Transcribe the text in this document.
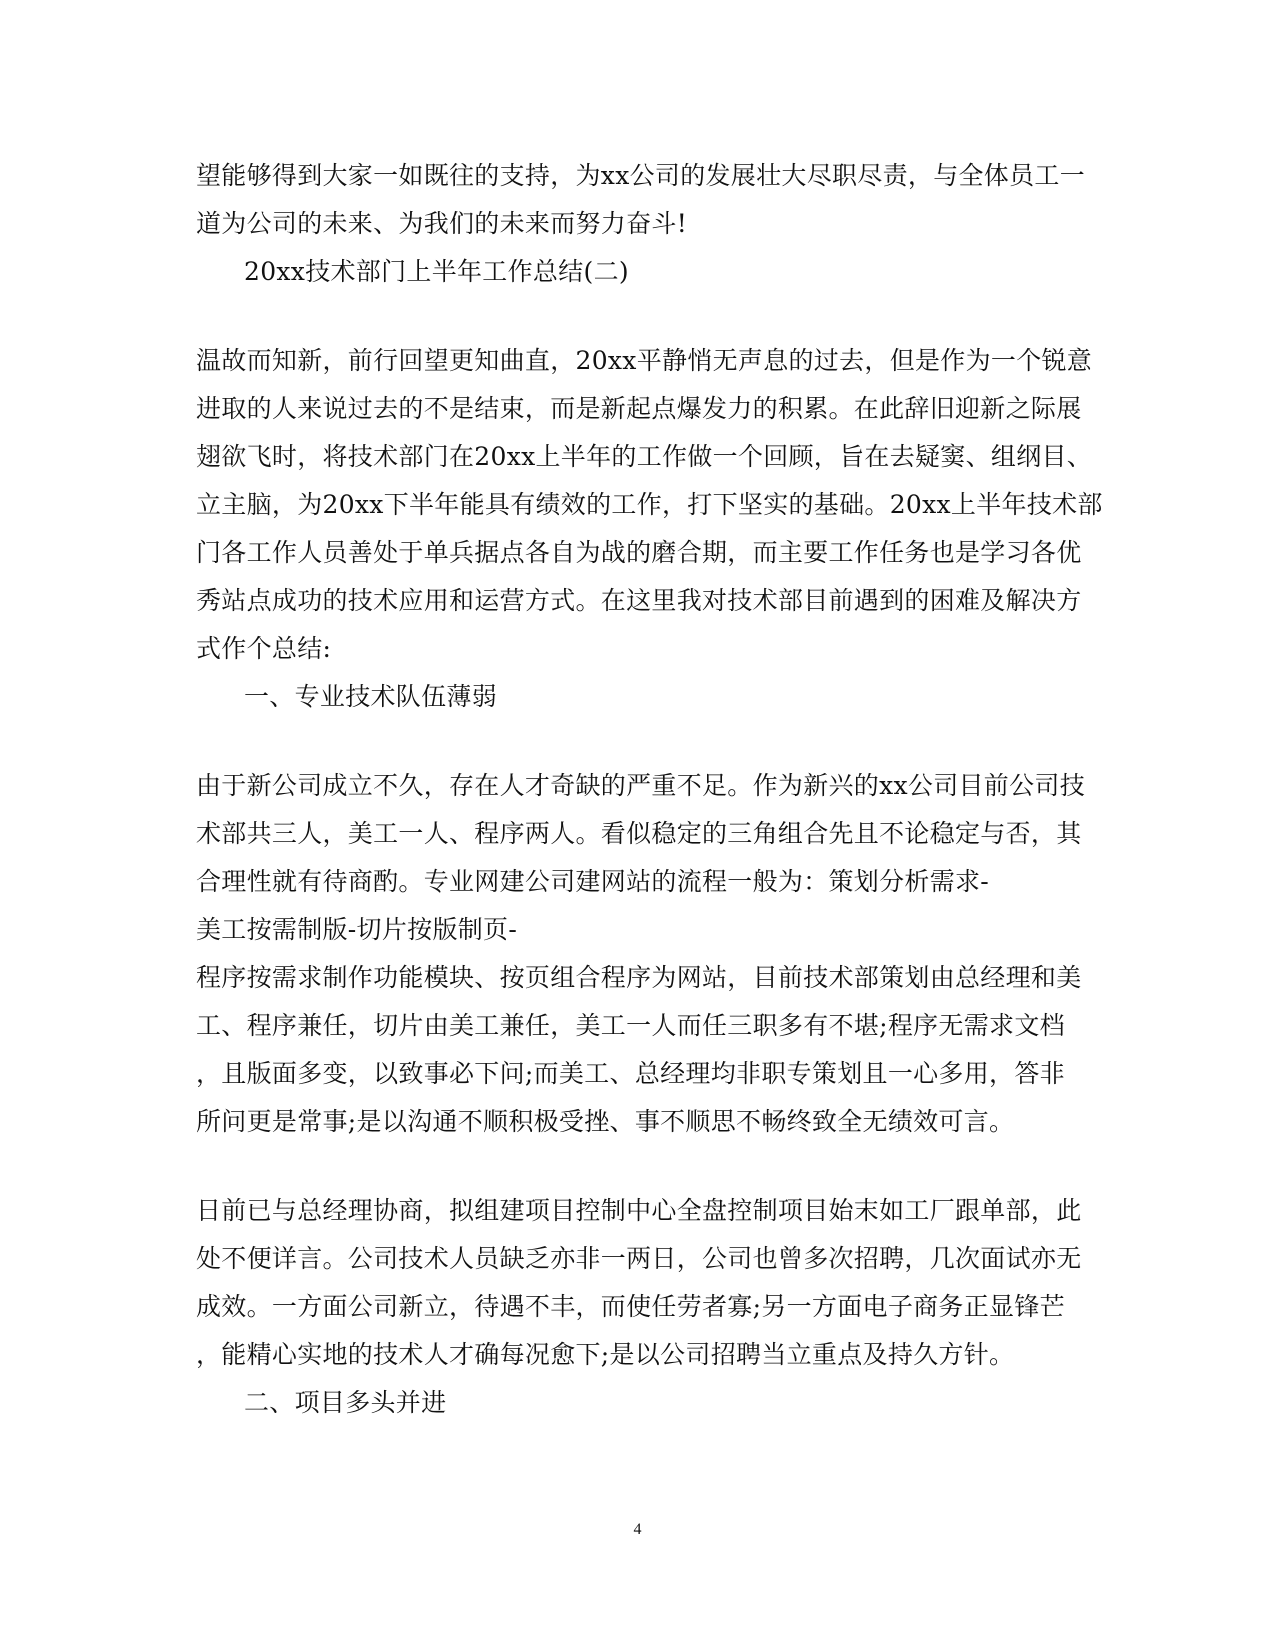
望能够得到大家一如既往的支持，为xx公司的发展壮大尽职尽责，与全体员工一
道为公司的未来、为我们的未来而努力奋斗!
20xx技术部门上半年工作总结(二)
温故而知新，前行回望更知曲直，20xx平静悄无声息的过去，但是作为一个锐意
进取的人来说过去的不是结束，而是新起点爆发力的积累。在此辞旧迎新之际展
翅欲飞时，将技术部门在20xx上半年的工作做一个回顾，旨在去疑窦、组纲目、
立主脑，为20xx下半年能具有绩效的工作，打下坚实的基础。20xx上半年技术部
门各工作人员善处于单兵据点各自为战的磨合期，而主要工作任务也是学习各优
秀站点成功的技术应用和运营方式。在这里我对技术部目前遇到的困难及解决方
式作个总结:
一、专业技术队伍薄弱
由于新公司成立不久，存在人才奇缺的严重不足。作为新兴的xx公司目前公司技
术部共三人，美工一人、程序两人。看似稳定的三角组合先且不论稳定与否，其
合理性就有待商酌。专业网建公司建网站的流程一般为：策划分析需求-
美工按需制版-切片按版制页-
程序按需求制作功能模块、按页组合程序为网站，目前技术部策划由总经理和美
工、程序兼任，切片由美工兼任，美工一人而任三职多有不堪;程序无需求文档
，且版面多变，以致事必下问;而美工、总经理均非职专策划且一心多用，答非
所问更是常事;是以沟通不顺积极受挫、事不顺思不畅终致全无绩效可言。
日前已与总经理协商，拟组建项目控制中心全盘控制项目始末如工厂跟单部，此
处不便详言。公司技术人员缺乏亦非一两日，公司也曾多次招聘，几次面试亦无
成效。一方面公司新立，待遇不丰，而使任劳者寡;另一方面电子商务正显锋芒
，能精心实地的技术人才确每况愈下;是以公司招聘当立重点及持久方针。
二、项目多头并进
4
